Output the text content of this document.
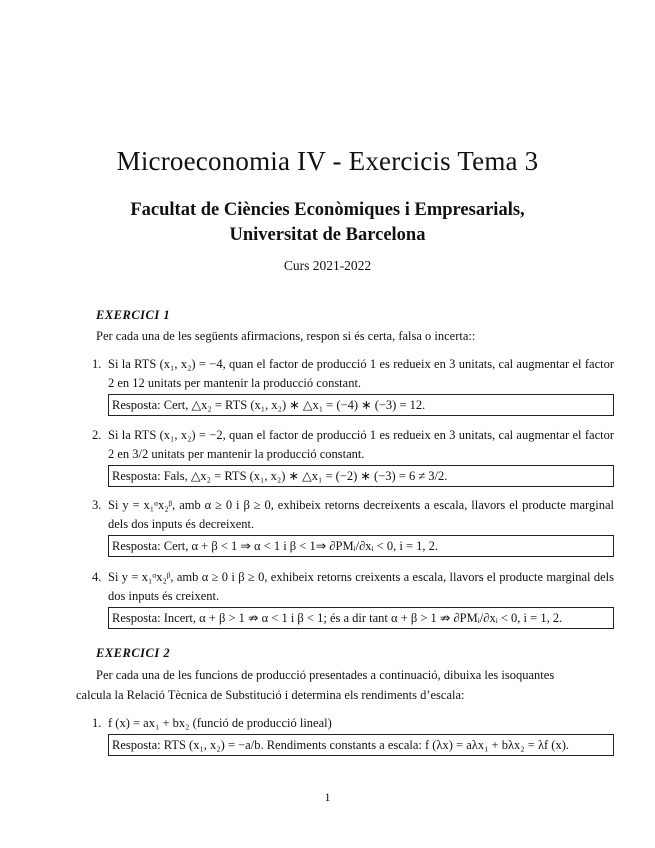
Microeconomia IV - Exercicis Tema 3
Facultat de Ciències Econòmiques i Empresarials,
Universitat de Barcelona
Curs 2021-2022
EXERCICI 1
Per cada una de les següents afirmacions, respon si és certa, falsa o incerta::
1. Si la RTS (x₁, x₂) = −4, quan el factor de producció 1 es redueix en 3 unitats, cal augmentar el factor 2 en 12 unitats per mantenir la producció constant.
Resposta: Cert, △x₂ = RTS (x₁, x₂) ∗ △x₁ = (−4) ∗ (−3) = 12.
2. Si la RTS (x₁, x₂) = −2, quan el factor de producció 1 es redueix en 3 unitats, cal augmentar el factor 2 en 3/2 unitats per mantenir la producció constant.
Resposta: Fals, △x₂ = RTS (x₁, x₂) ∗ △x₁ = (−2) ∗ (−3) = 6 ≠ 3/2.
3. Si y = x₁ᵅx₂ᵝ, amb α ≥ 0 i β ≥ 0, exhibeix retorns decreixents a escala, llavors el producte marginal dels dos inputs és decreixent.
Resposta: Cert, α + β < 1 ⇒ α < 1 i β < 1⇒ ∂PMᵢ/∂xᵢ < 0, i = 1, 2.
4. Si y = x₁ᵅx₂ᵝ, amb α ≥ 0 i β ≥ 0, exhibeix retorns creixents a escala, llavors el producte marginal dels dos inputs és creixent.
Resposta: Incert, α + β > 1 ⇏ α < 1 i β < 1; és a dir tant α + β > 1 ⇏ ∂PMᵢ/∂xᵢ < 0, i = 1, 2.
EXERCICI 2
Per cada una de les funcions de producció presentades a continuació, dibuixa les isoquantes
calcula la Relació Tècnica de Substitució i determina els rendiments d’escala:
1. f (x) = ax₁ + bx₂ (funció de producció lineal)
Resposta: RTS (x₁, x₂) = −a/b. Rendiments constants a escala: f (λx) = aλx₁ + bλx₂ = λf (x).
1
